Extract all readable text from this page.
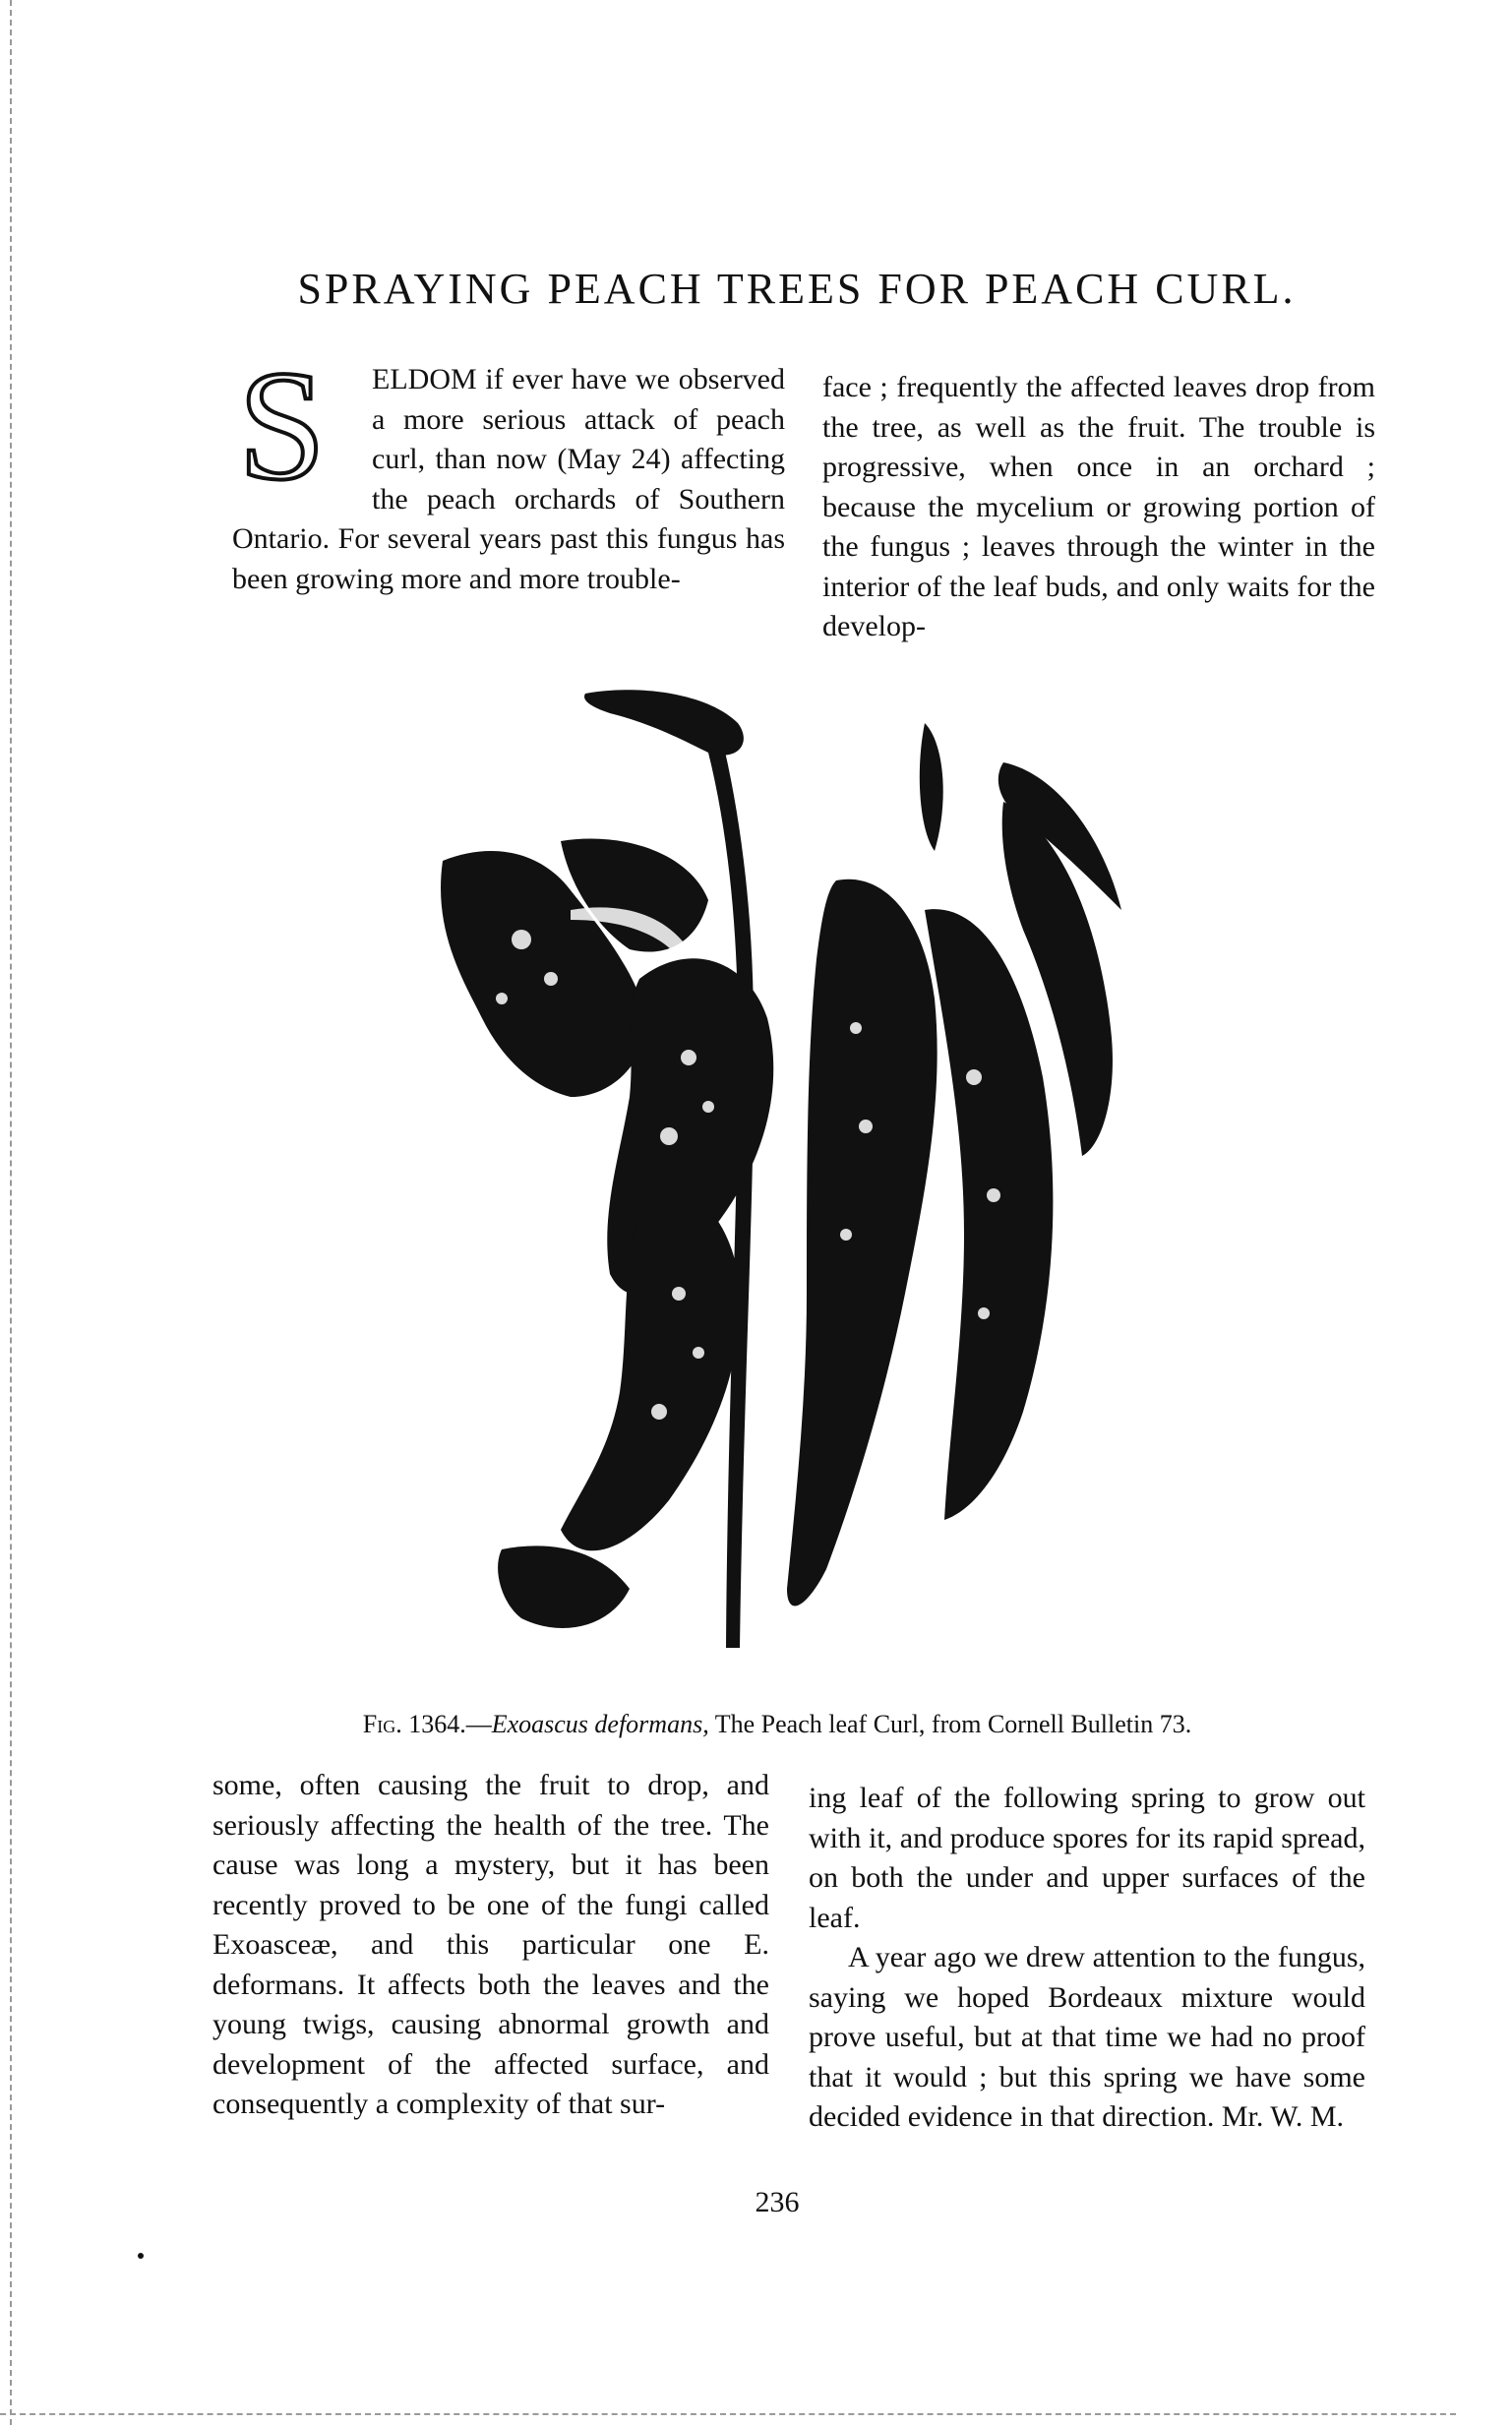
SPRAYING PEACH TREES FOR PEACH CURL.
S	ELDOM if ever have we observed a more serious attack of peach curl, than now (May 24) affecting the peach orchards of Southern Ontario. For several years past this fungus has been growing more and more trouble-

face ; frequently the affected leaves drop from the tree, as well as the fruit. The trouble is progressive, when once in an orchard ; because the mycelium or growing portion of the fungus ; leaves through the winter in the interior of the leaf buds, and only waits for the develop-

Fig. 1364.—Exoascus deformans, The Peach leaf Curl, from Cornell Bulletin 73.

some, often causing the fruit to drop, and seriously affecting the health of the tree. The cause was long a mystery, but it has been recently proved to be one of the fungi called Exoasceæ, and this particular one E. deformans. It affects both the leaves and the young twigs, causing abnormal growth and development of the affected surface, and consequently a complexity of that sur-

ing leaf of the following spring to grow out with it, and produce spores for its rapid spread, on both the under and upper surfaces of the leaf.

A year ago we drew attention to the fungus, saying we hoped Bordeaux mixture would prove useful, but at that time we had no proof that it would ; but this spring we have some decided evidence in that direction. Mr. W. M.

236
